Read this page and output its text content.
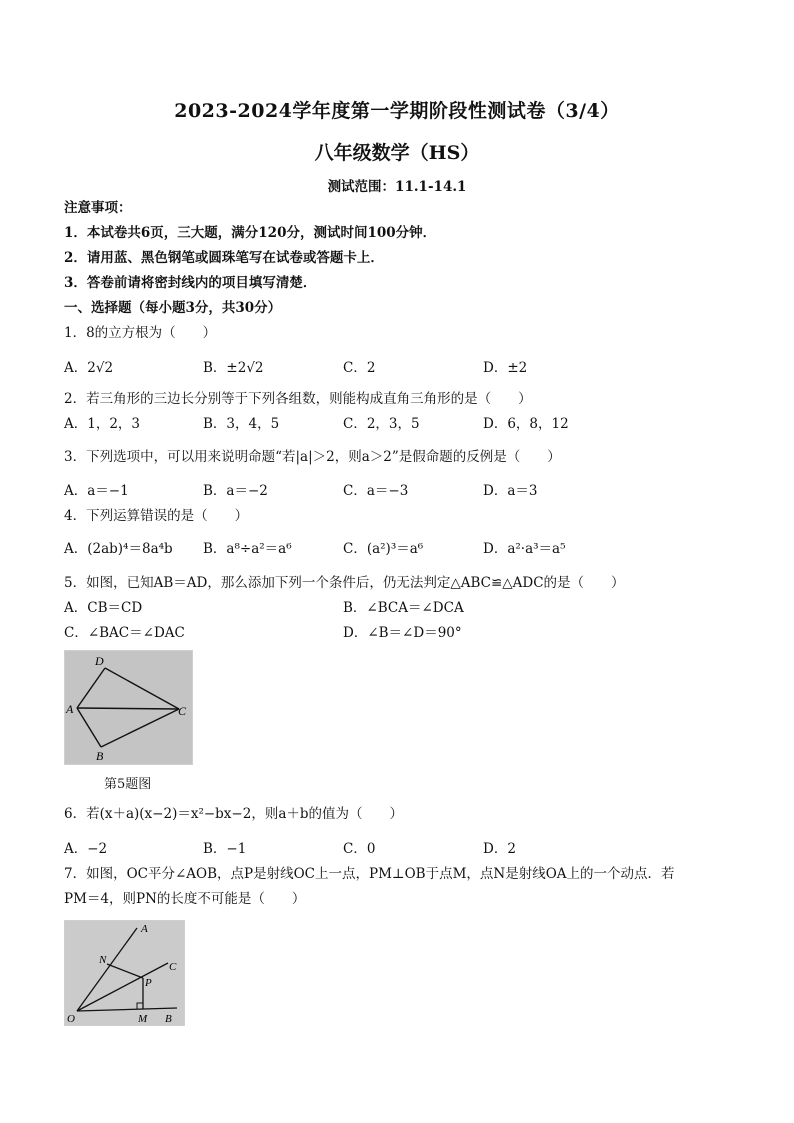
2023-2024学年度第一学期阶段性测试卷（3/4）
八年级数学（HS）
测试范围：11.1-14.1
注意事项：
1．本试卷共6页，三大题，满分120分，测试时间100分钟．
2．请用蓝、黑色钢笔或圆珠笔写在试卷或答题卡上．
3．答卷前请将密封线内的项目填写清楚．
一、选择题（每小题3分，共30分）
1．8的立方根为（　　）
A．2√2	B．±2√2	C．2	D．±2
2．若三角形的三边长分别等于下列各组数，则能构成直角三角形的是（　　）
A．1，2，3	B．3，4，5	C．2，3，5	D．6，8，12
3．下列选项中，可以用来说明命题“若|a|＞2，则a＞2”是假命题的反例是（　　）
A．a＝−1	B．a＝−2	C．a＝−3	D．a＝3
4．下列运算错误的是（　　）
A．(2ab)⁴＝8a⁴b B．a⁸÷a²＝a⁶	C．(a²)³＝a⁶	D．a²·a³＝a⁵
5．如图，已知AB＝AD，那么添加下列一个条件后，仍无法判定△ABC≌△ADC的是（　　）
A．CB＝CD	B．∠BCA＝∠DCA
C．∠BAC＝∠DAC	D．∠B＝∠D＝90°
D
A	C
B
第5题图
6．若(x＋a)(x−2)＝x²−bx−2，则a＋b的值为（　　）
A．−2	B．−1	C．0	D．2
7．如图，OC平分∠AOB，点P是射线OC上一点，PM⊥OB于点M，点N是射线OA上的一个动点．若
PM＝4，则PN的长度不可能是（　　）
A
N
C
P
O	M B
